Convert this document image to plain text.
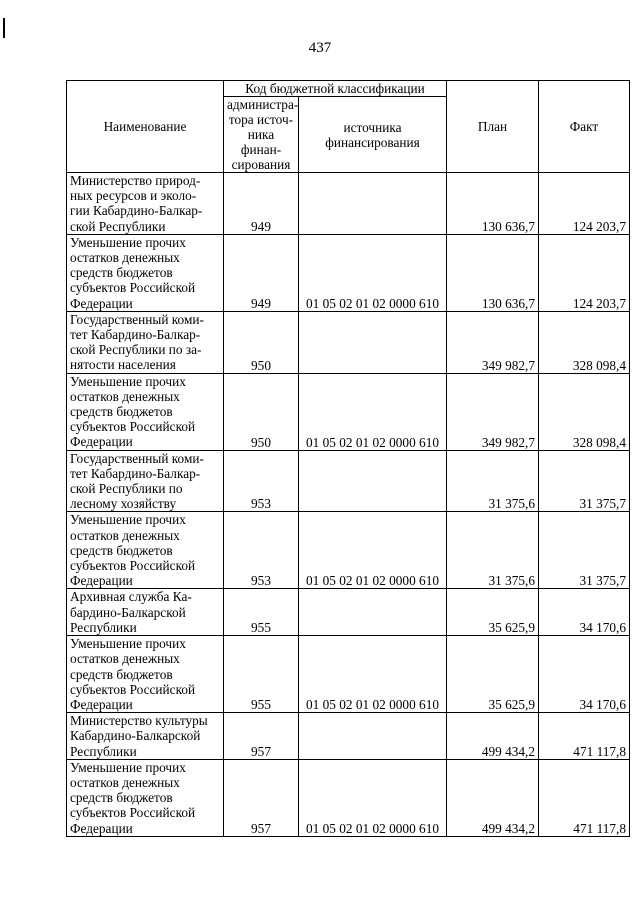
437
Наименование	Код бюджетной классификации		План	Факт
	администра-
тора источ-
ника финан-
сирования	источника
финансирования		
Министерство природ-
ных ресурсов и эколо-
гии Кабардино-Балкар-
ской Республики	949		130 636,7	124 203,7
Уменьшение прочих
остатков денежных
средств бюджетов
субъектов Российской
Федерации	949	01 05 02 01 02 0000 610	130 636,7	124 203,7
Государственный коми-
тет Кабардино-Балкар-
ской Республики по за-
нятости населения	950		349 982,7	328 098,4
Уменьшение прочих
остатков денежных
средств бюджетов
субъектов Российской
Федерации	950	01 05 02 01 02 0000 610	349 982,7	328 098,4
Государственный коми-
тет Кабардино-Балкар-
ской Республики по
лесному хозяйству	953		31 375,6	31 375,7
Уменьшение прочих
остатков денежных
средств бюджетов
субъектов Российской
Федерации	953	01 05 02 01 02 0000 610	31 375,6	31 375,7
Архивная служба Ка-
бардино-Балкарской
Республики	955		35 625,9	34 170,6
Уменьшение прочих
остатков денежных
средств бюджетов
субъектов Российской
Федерации	955	01 05 02 01 02 0000 610	35 625,9	34 170,6
Министерство культуры
Кабардино-Балкарской
Республики	957		499 434,2	471 117,8
Уменьшение прочих
остатков денежных
средств бюджетов
субъектов Российской
Федерации	957	01 05 02 01 02 0000 610	499 434,2	471 117,8
